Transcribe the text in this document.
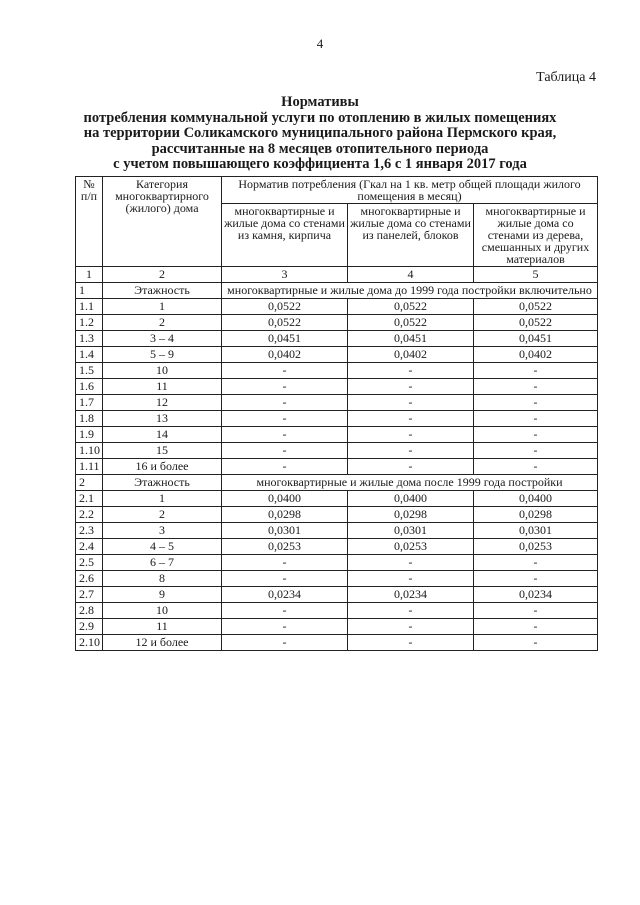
4
Таблица 4
Нормативы
потребления коммунальной услуги по отоплению в жилых помещениях
на территории Соликамского муниципального района Пермского края,
рассчитанные на 8 месяцев отопительного периода
с учетом повышающего коэффициента 1,6 с 1 января 2017 года
№ п/п	Категория многоквартирного (жилого) дома	Норматив потребления (Гкал на 1 кв. метр общей площади жилого помещения в месяц)		
		многоквартирные и жилые дома со стенами из камня, кирпича	многоквартирные и жилые дома со стенами из панелей, блоков	многоквартирные и жилые дома со стенами из дерева, смешанных и других материалов
1	2	3	4	5
1	Этажность	многоквартирные и жилые дома до 1999 года постройки включительно		
1.1	1	0,0522	0,0522	0,0522
1.2	2	0,0522	0,0522	0,0522
1.3	3 – 4	0,0451	0,0451	0,0451
1.4	5 – 9	0,0402	0,0402	0,0402
1.5	10	-	-	-
1.6	11	-	-	-
1.7	12	-	-	-
1.8	13	-	-	-
1.9	14	-	-	-
1.10	15	-	-	-
1.11	16 и более	-	-	-
2	Этажность	многоквартирные и жилые дома после 1999 года постройки		
2.1	1	0,0400	0,0400	0,0400
2.2	2	0,0298	0,0298	0,0298
2.3	3	0,0301	0,0301	0,0301
2.4	4 – 5	0,0253	0,0253	0,0253
2.5	6 – 7	-	-	-
2.6	8	-	-	-
2.7	9	0,0234	0,0234	0,0234
2.8	10	-	-	-
2.9	11	-	-	-
2.10	12 и более	-	-	-
